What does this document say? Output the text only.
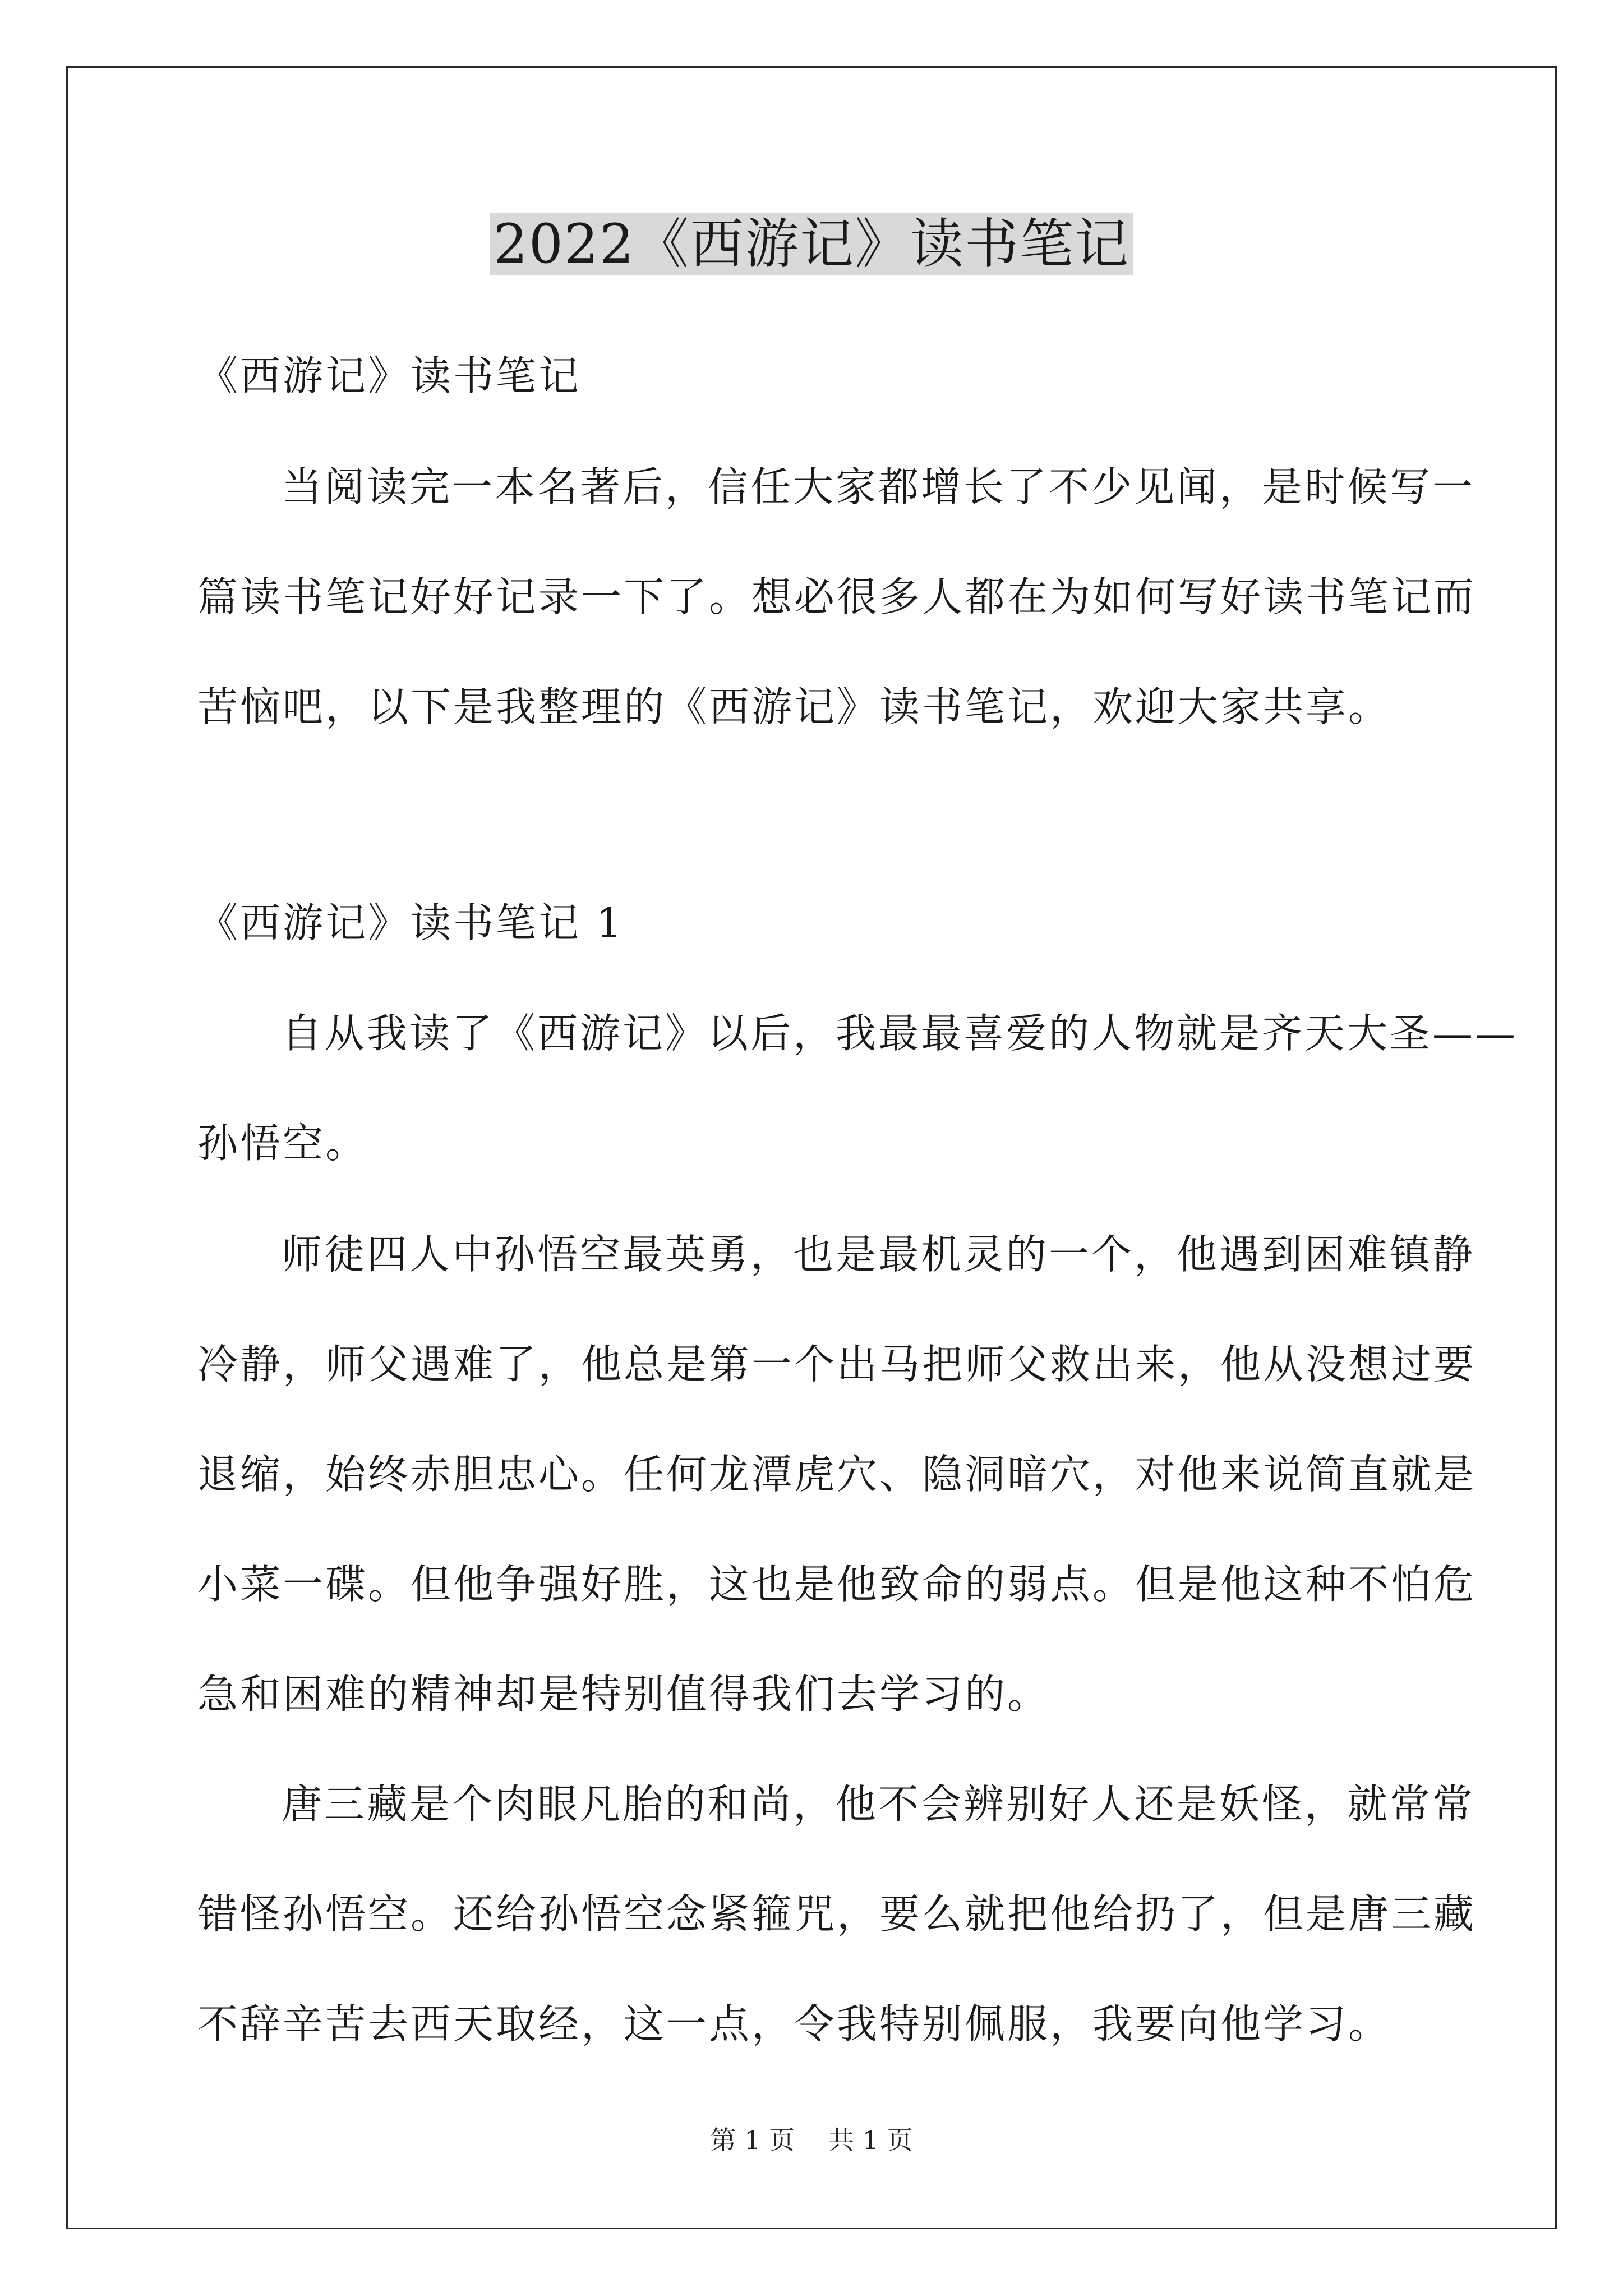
2022《西游记》读书笔记
《西游记》读书笔记
当阅读完一本名著后，信任大家都增长了不少见闻，是时候写一
篇读书笔记好好记录一下了。想必很多人都在为如何写好读书笔记而
苦恼吧，以下是我整理的《西游记》读书笔记，欢迎大家共享。
《西游记》读书笔记 1
自从我读了《西游记》以后，我最最喜爱的人物就是齐天大圣——
孙悟空。
师徒四人中孙悟空最英勇，也是最机灵的一个，他遇到困难镇静
冷静，师父遇难了，他总是第一个出马把师父救出来，他从没想过要
退缩，始终赤胆忠心。任何龙潭虎穴、隐洞暗穴，对他来说简直就是
小菜一碟。但他争强好胜，这也是他致命的弱点。但是他这种不怕危
急和困难的精神却是特别值得我们去学习的。
唐三藏是个肉眼凡胎的和尚，他不会辨别好人还是妖怪，就常常
错怪孙悟空。还给孙悟空念紧箍咒，要么就把他给扔了，但是唐三藏
不辞辛苦去西天取经，这一点，令我特别佩服，我要向他学习。
第 1 页 共 1 页
